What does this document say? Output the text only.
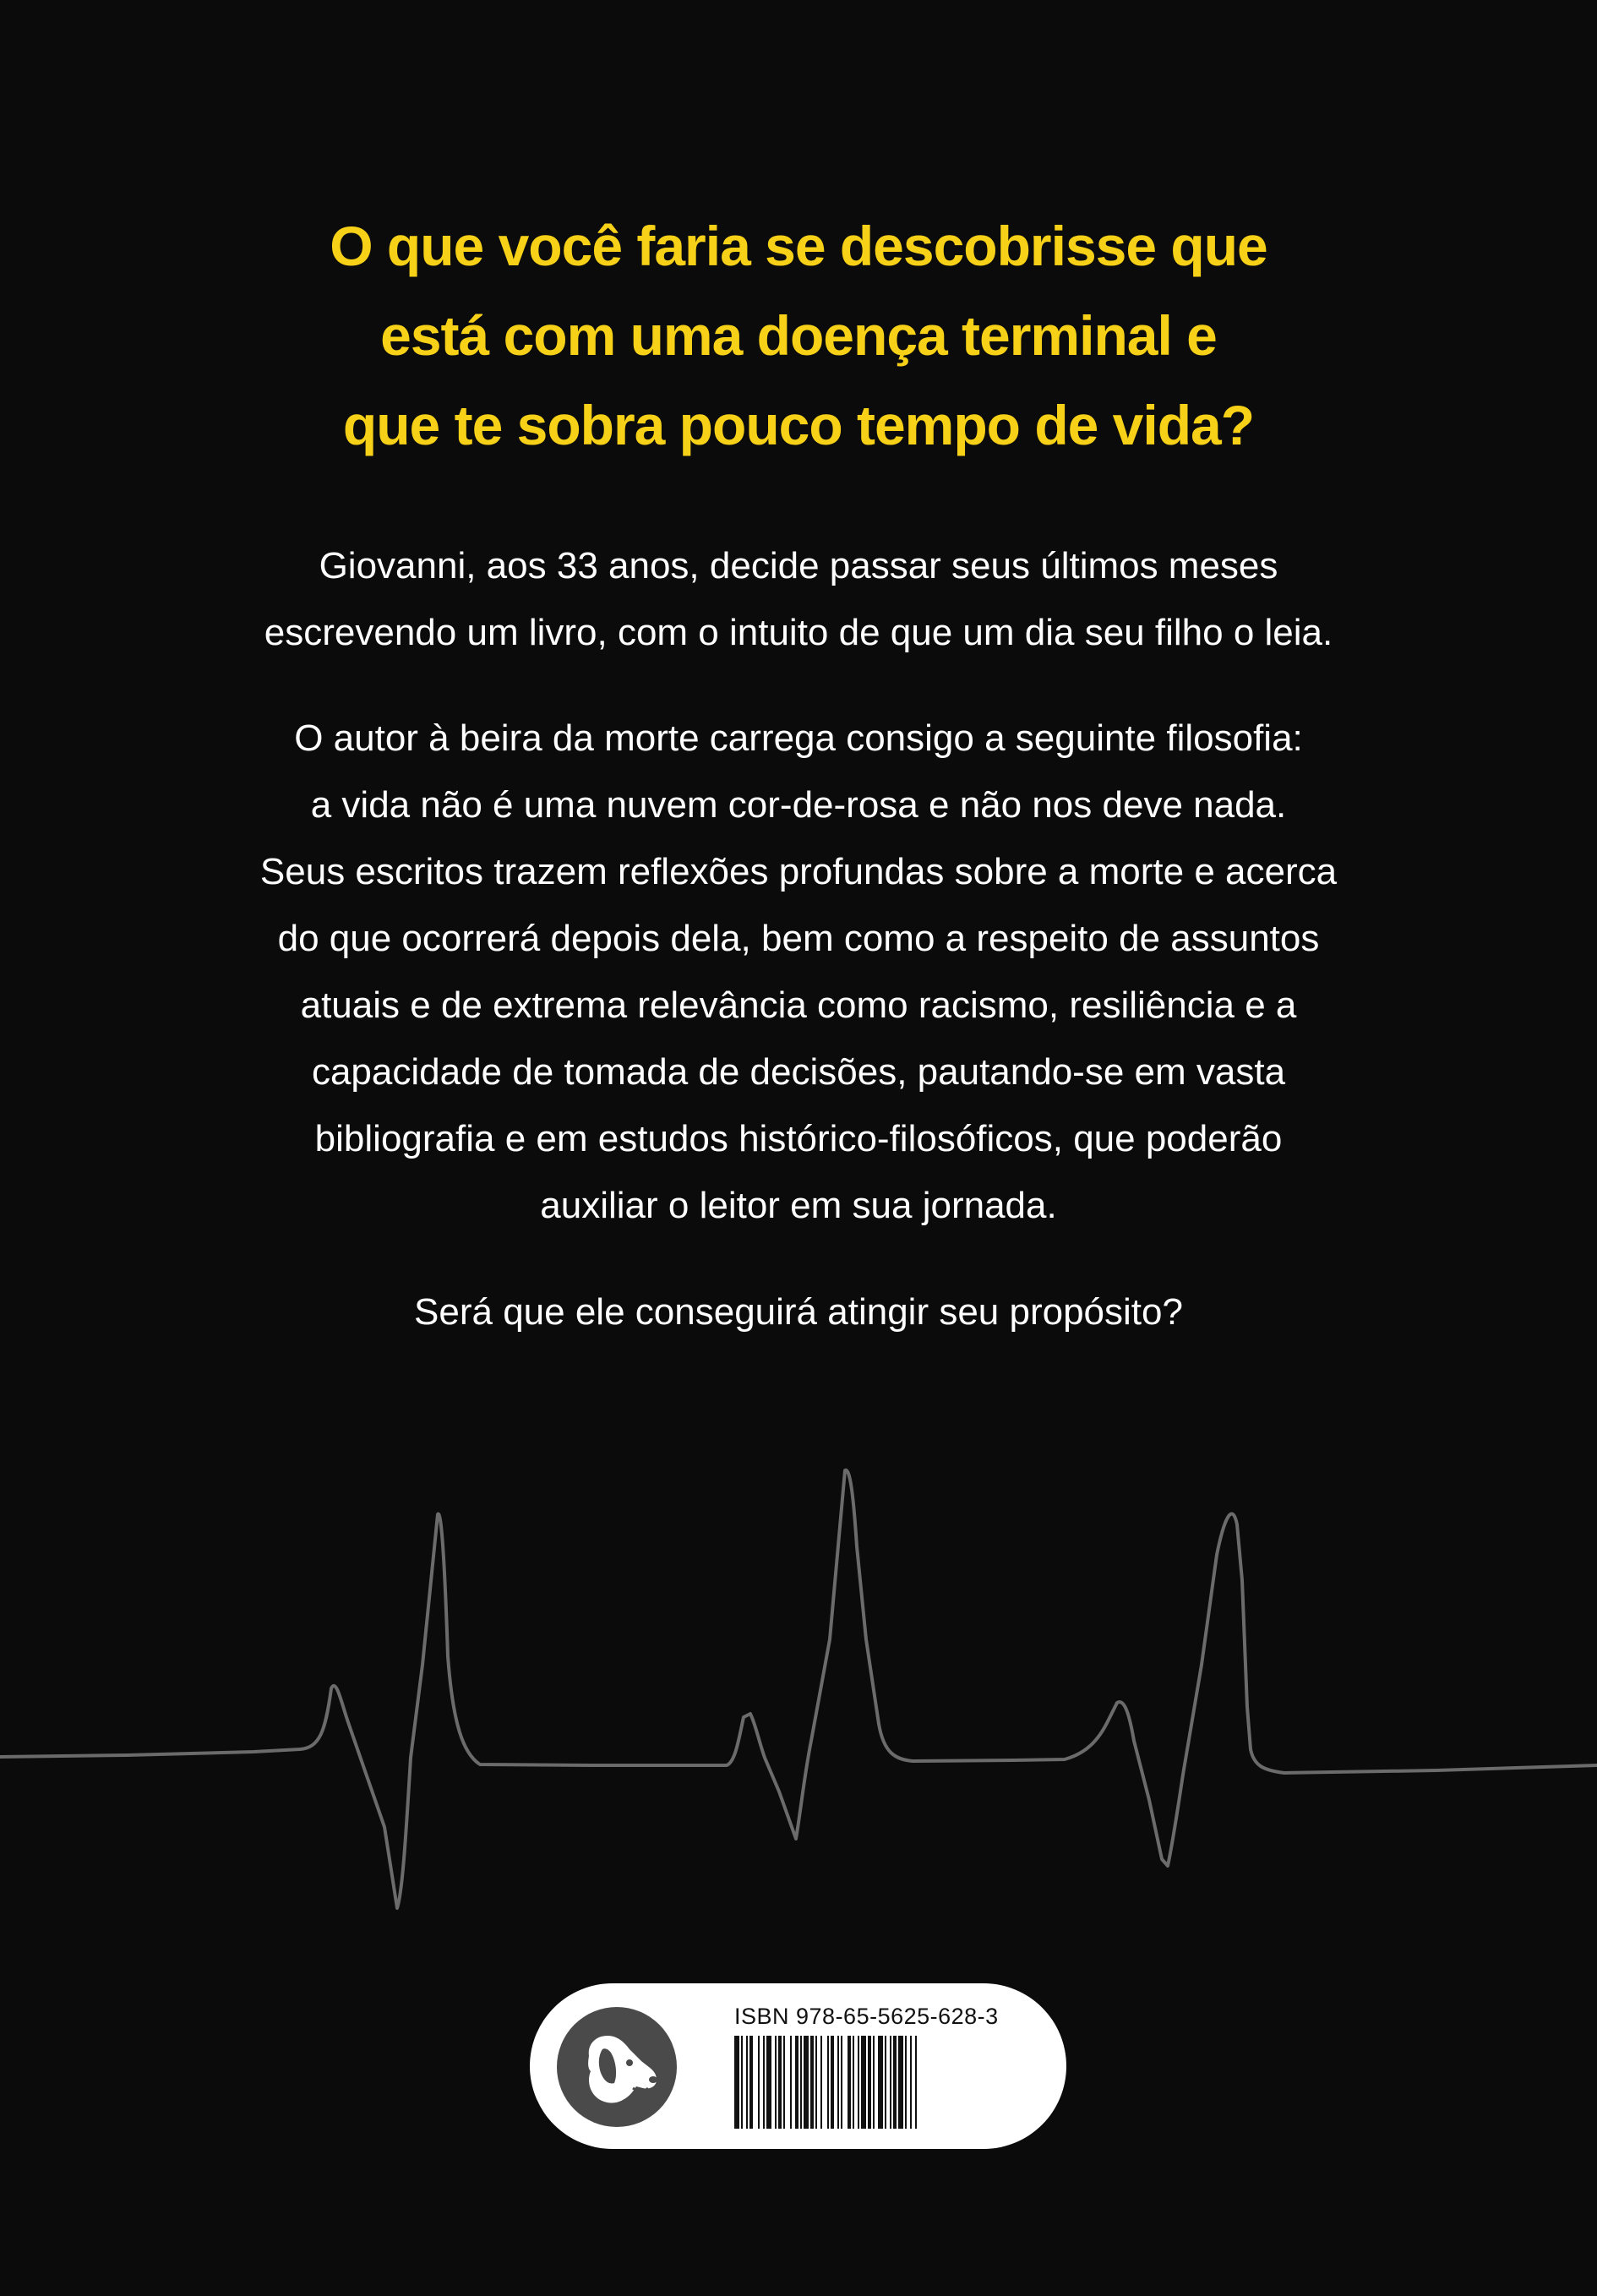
O que você faria se descobrisse que
está com uma doença terminal e
que te sobra pouco tempo de vida?
Giovanni, aos 33 anos, decide passar seus últimos meses
escrevendo um livro, com o intuito de que um dia seu filho o leia.
O autor à beira da morte carrega consigo a seguinte filosofia:
a vida não é uma nuvem cor-de-rosa e não nos deve nada.
Seus escritos trazem reflexões profundas sobre a morte e acerca
do que ocorrerá depois dela, bem como a respeito de assuntos
atuais e de extrema relevância como racismo, resiliência e a
capacidade de tomada de decisões, pautando-se em vasta
bibliografia e em estudos histórico-filosóficos, que poderão
auxiliar o leitor em sua jornada.
Será que ele conseguirá atingir seu propósito?
ISBN 978-65-5625-628-3
